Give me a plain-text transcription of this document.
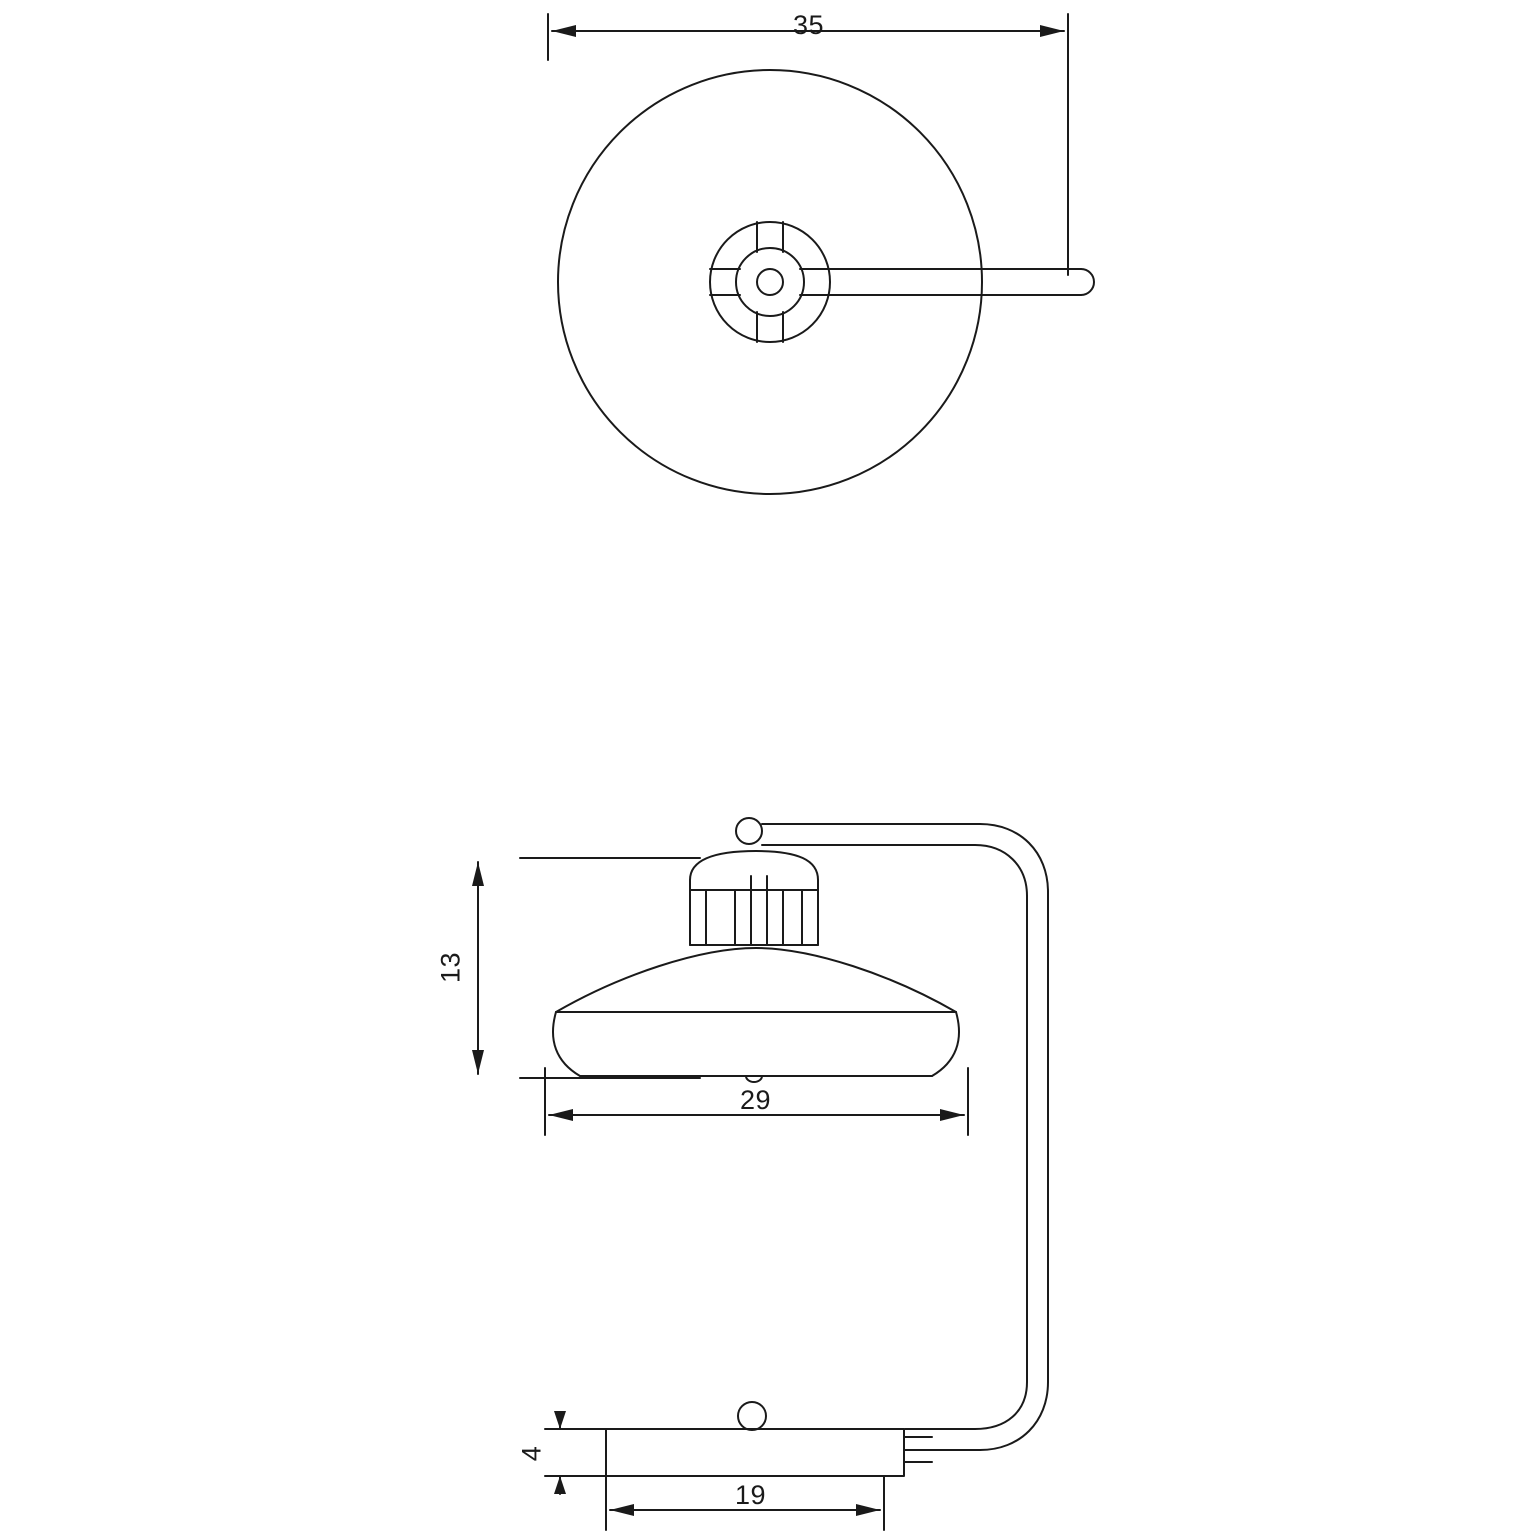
35
13
29
4
19
